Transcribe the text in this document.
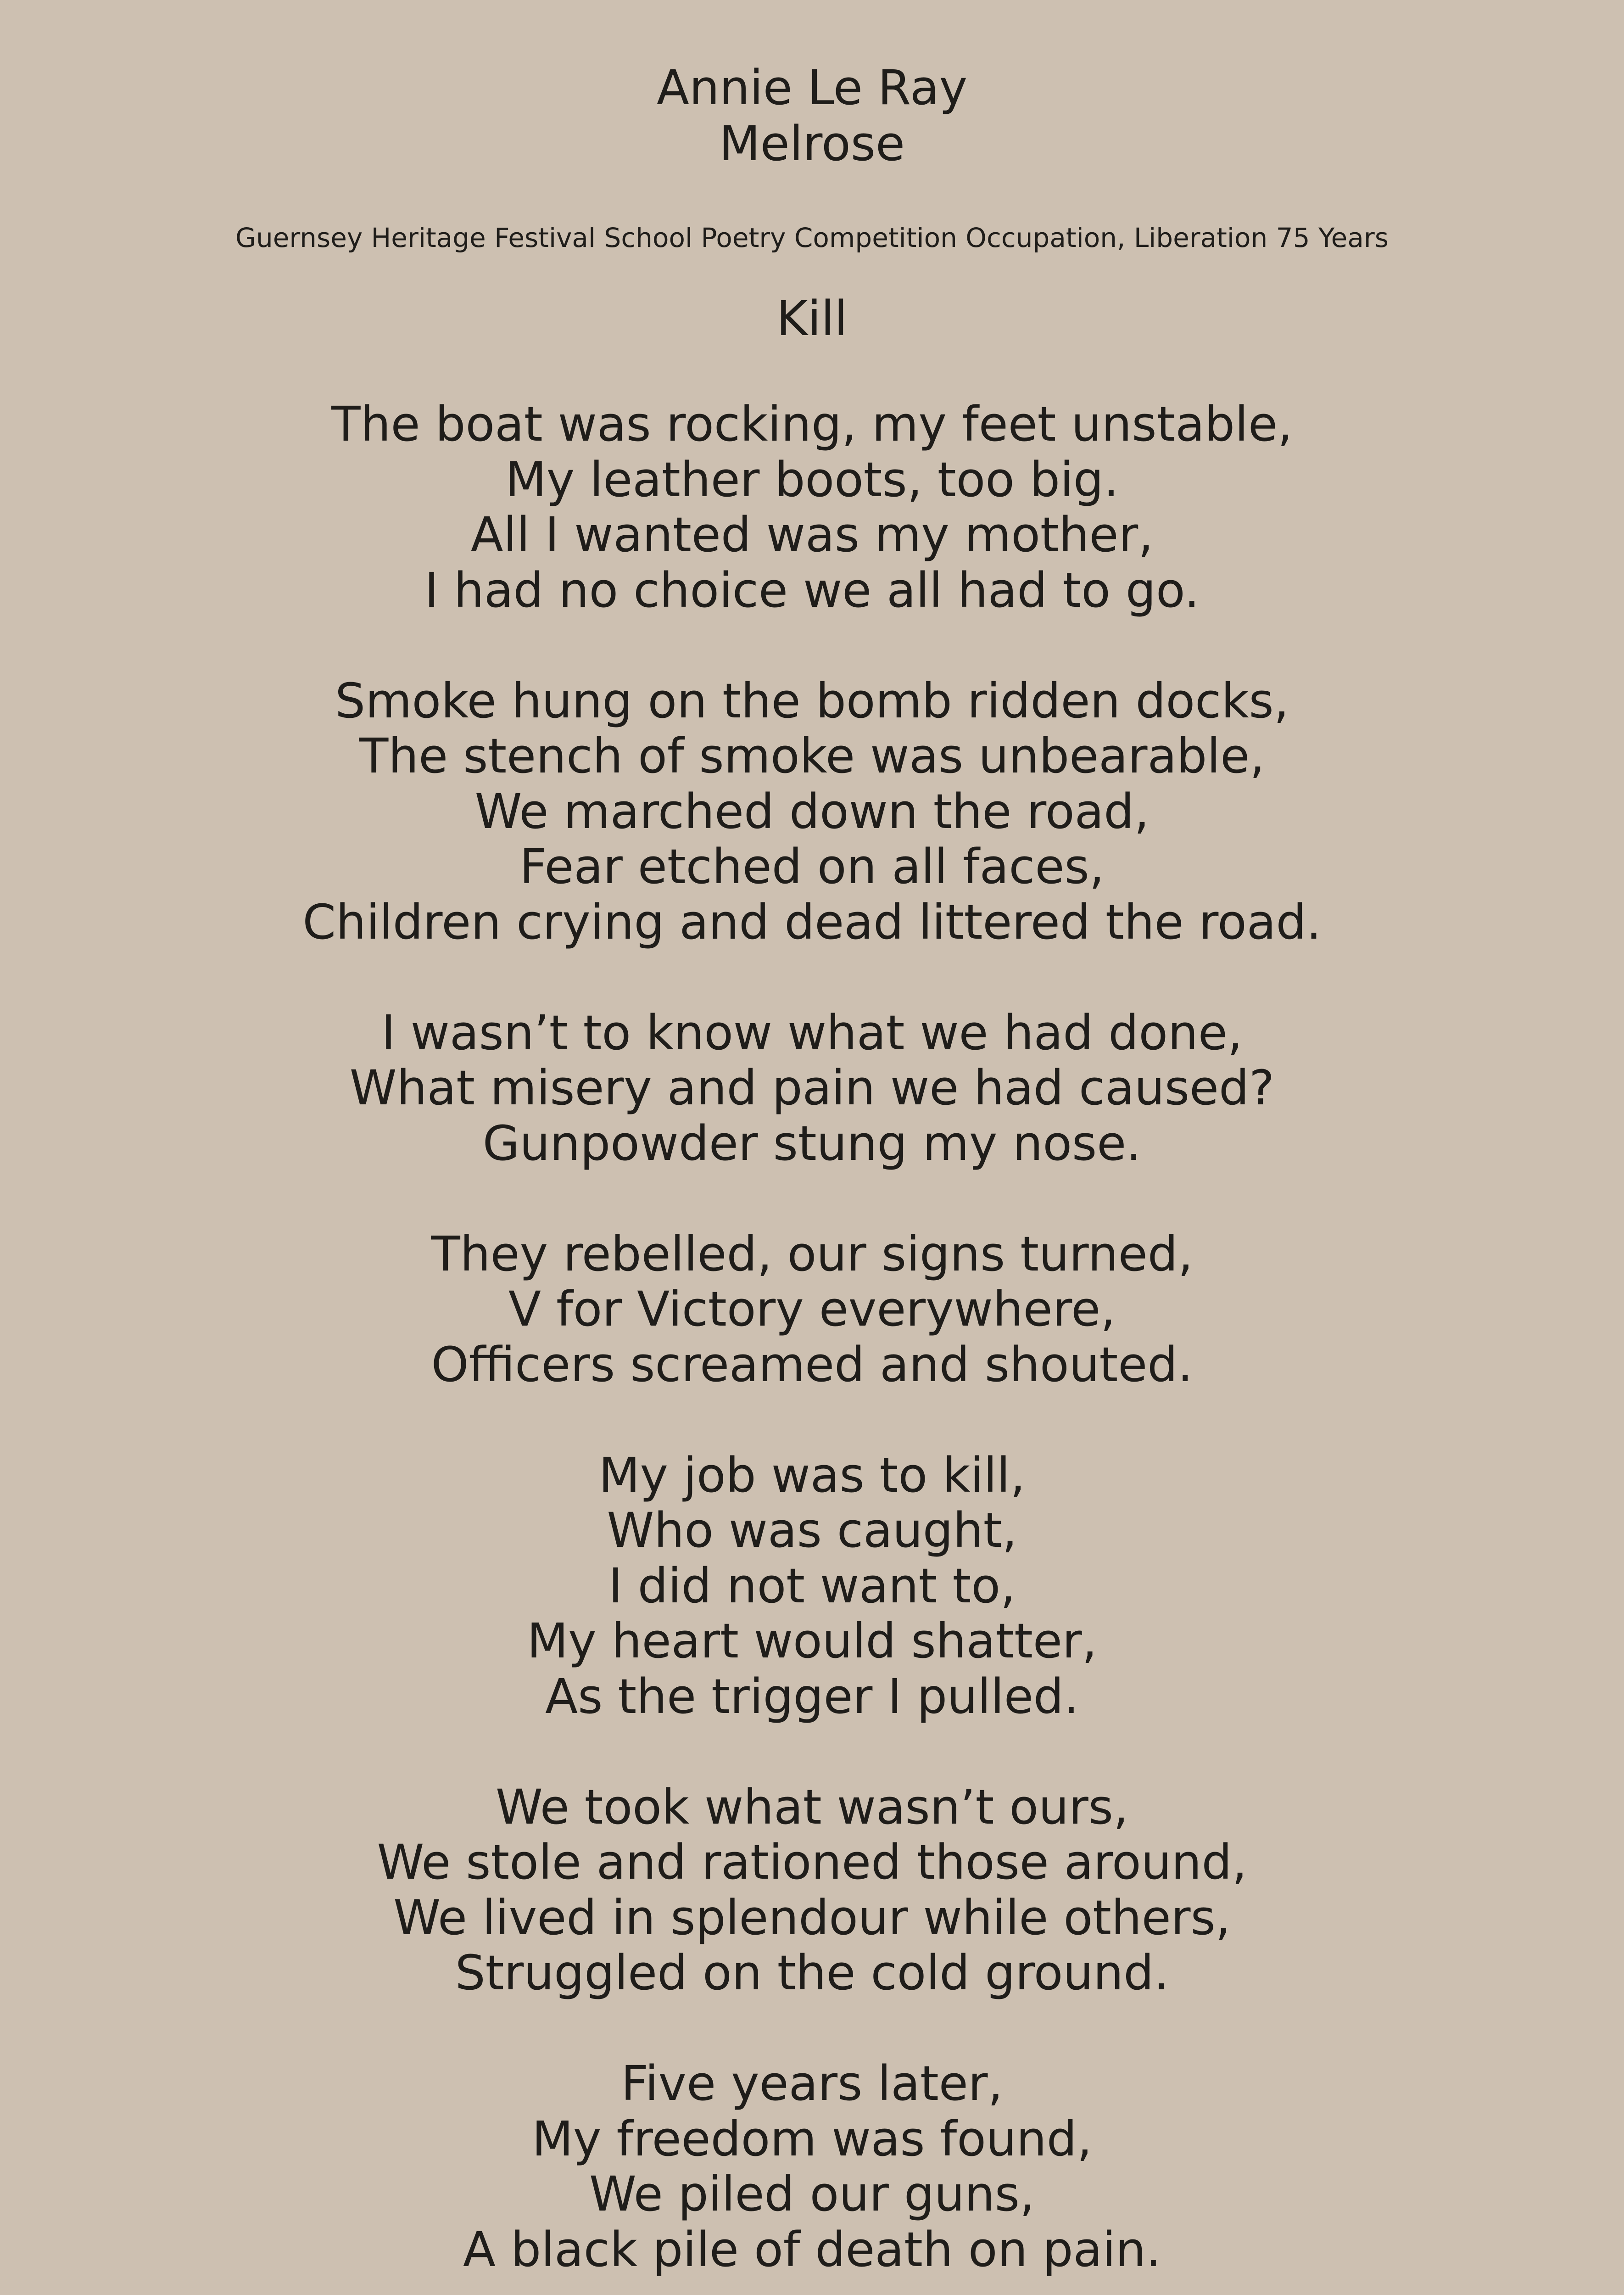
Annie Le Ray
Melrose
Guernsey Heritage Festival School Poetry Competition Occupation, Liberation 75 Years
Kill
The boat was rocking, my feet unstable,
My leather boots, too big.
All I wanted was my mother,
I had no choice we all had to go.
Smoke hung on the bomb ridden docks,
The stench of smoke was unbearable,
We marched down the road,
Fear etched on all faces,
Children crying and dead littered the road.
I wasn’t to know what we had done,
What misery and pain we had caused?
Gunpowder stung my nose.
They rebelled, our signs turned,
V for Victory everywhere,
Officers screamed and shouted.
My job was to kill,
Who was caught,
I did not want to,
My heart would shatter,
As the trigger I pulled.
We took what wasn’t ours,
We stole and rationed those around,
We lived in splendour while others,
Struggled on the cold ground.
Five years later,
My freedom was found,
We piled our guns,
A black pile of death on pain.
